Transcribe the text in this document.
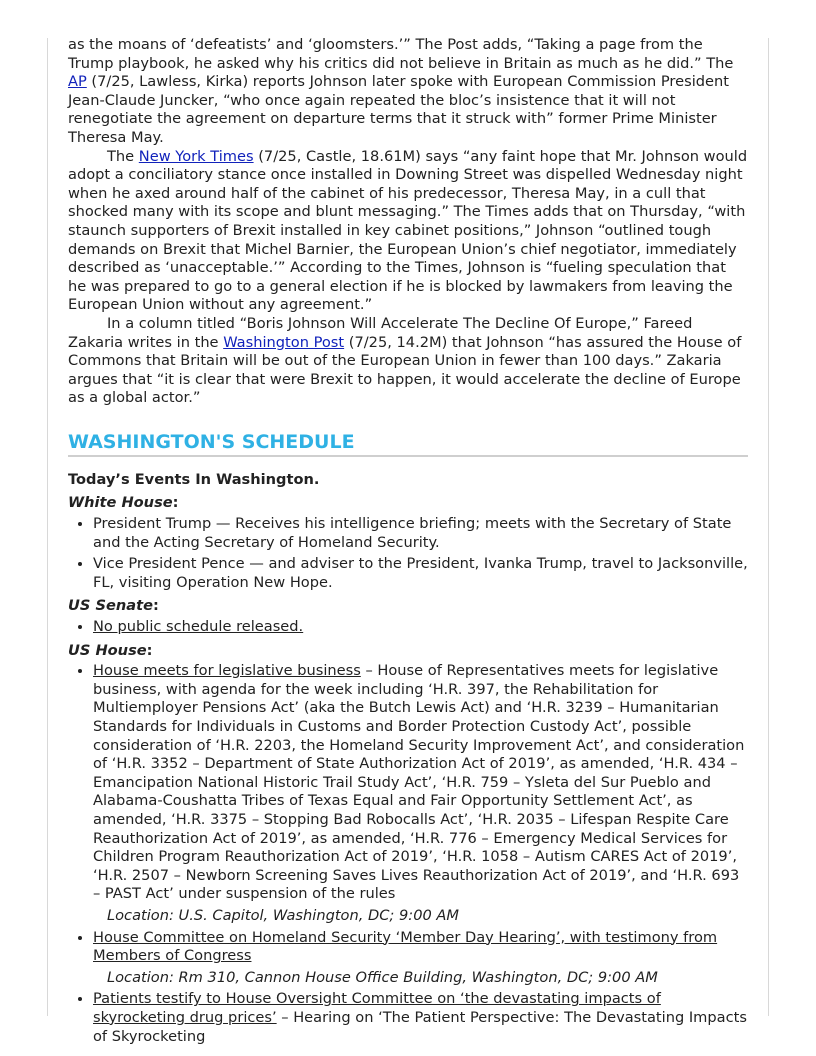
as the moans of ‘defeatists’ and ‘gloomsters.’” The Post adds, “Taking a page from the Trump playbook, he asked why his critics did not believe in Britain as much as he did.” The AP (7/25, Lawless, Kirka) reports Johnson later spoke with European Commission President Jean-Claude Juncker, “who once again repeated the bloc’s insistence that it will not renegotiate the agreement on departure terms that it struck with” former Prime Minister Theresa May.

The New York Times (7/25, Castle, 18.61M) says “any faint hope that Mr. Johnson would adopt a conciliatory stance once installed in Downing Street was dispelled Wednesday night when he axed around half of the cabinet of his predecessor, Theresa May, in a cull that shocked many with its scope and blunt messaging.” The Times adds that on Thursday, “with staunch supporters of Brexit installed in key cabinet positions,” Johnson “outlined tough demands on Brexit that Michel Barnier, the European Union’s chief negotiator, immediately described as ‘unacceptable.’” According to the Times, Johnson is “fueling speculation that he was prepared to go to a general election if he is blocked by lawmakers from leaving the European Union without any agreement.”

In a column titled “Boris Johnson Will Accelerate The Decline Of Europe,” Fareed Zakaria writes in the Washington Post (7/25, 14.2M) that Johnson “has assured the House of Commons that Britain will be out of the European Union in fewer than 100 days.” Zakaria argues that “it is clear that were Brexit to happen, it would accelerate the decline of Europe as a global actor.”

WASHINGTON'S SCHEDULE

Today’s Events In Washington.

White House:

• President Trump — Receives his intelligence briefing; meets with the Secretary of State and the Acting Secretary of Homeland Security.
• Vice President Pence — and adviser to the President, Ivanka Trump, travel to Jacksonville, FL, visiting Operation New Hope.

US Senate:

• No public schedule released.

US House:

• House meets for legislative business – House of Representatives meets for legislative business, with agenda for the week including ‘H.R. 397, the Rehabilitation for Multiemployer Pensions Act’ (aka the Butch Lewis Act) and ‘H.R. 3239 – Humanitarian Standards for Individuals in Customs and Border Protection Custody Act’, possible consideration of ‘H.R. 2203, the Homeland Security Improvement Act’, and consideration of ‘H.R. 3352 – Department of State Authorization Act of 2019’, as amended, ‘H.R. 434 – Emancipation National Historic Trail Study Act’, ‘H.R. 759 – Ysleta del Sur Pueblo and Alabama-Coushatta Tribes of Texas Equal and Fair Opportunity Settlement Act’, as amended, ‘H.R. 3375 – Stopping Bad Robocalls Act’, ‘H.R. 2035 – Lifespan Respite Care Reauthorization Act of 2019’, as amended, ‘H.R. 776 – Emergency Medical Services for Children Program Reauthorization Act of 2019’, ‘H.R. 1058 – Autism CARES Act of 2019’, ‘H.R. 2507 – Newborn Screening Saves Lives Reauthorization Act of 2019’, and ‘H.R. 693 – PAST Act’ under suspension of the rules
Location: U.S. Capitol, Washington, DC; 9:00 AM
• House Committee on Homeland Security ‘Member Day Hearing’, with testimony from Members of Congress
Location: Rm 310, Cannon House Office Building, Washington, DC; 9:00 AM
• Patients testify to House Oversight Committee on ‘the devastating impacts of skyrocketing drug prices’ – Hearing on ‘The Patient Perspective: The Devastating Impacts of Skyrocketing
